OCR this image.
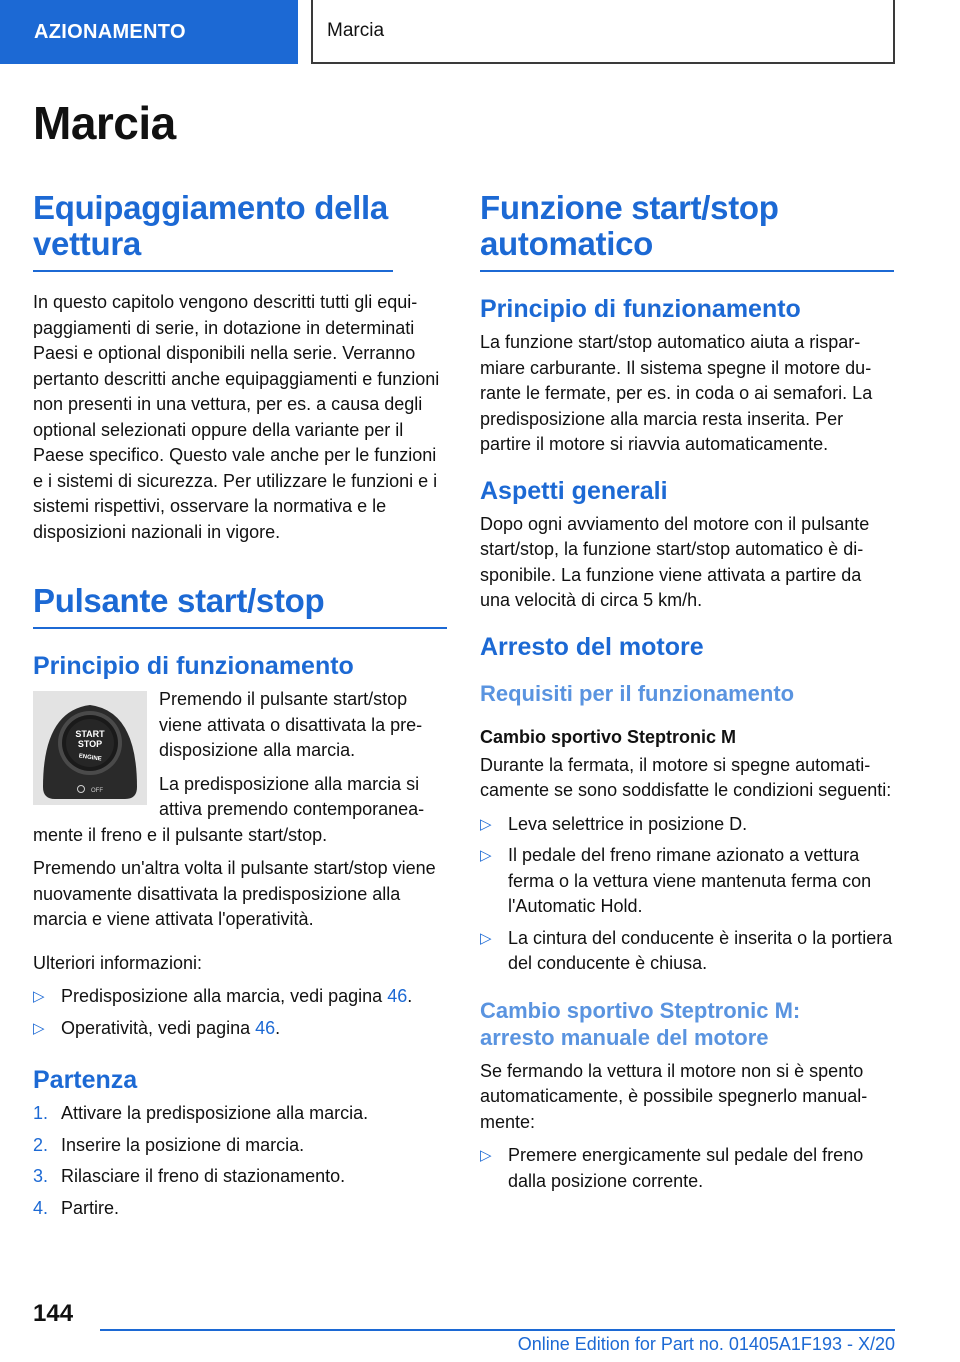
AZIONAMENTO	Marcia
Marcia
Equipaggiamento della vettura

In questo capitolo vengono descritti tutti gli equipaggiamenti di serie, in dotazione in determinati Paesi e optional disponibili nella serie. Verranno pertanto descritti anche equipaggiamenti e funzioni non presenti in una vettura, per es. a causa degli optional selezionati oppure della variante per il Paese specifico. Questo vale anche per le funzioni e i sistemi di sicurezza. Per utilizzare le funzioni e i sistemi rispettivi, osservare la normativa e le disposizioni nazionali in vigore.

Pulsante start/stop
Principio di funzionamento
START
STOP
ENGINE
OFF

Premendo il pulsante start/stop viene attivata o disattivata la predisposizione alla marcia.

La predisposizione alla marcia si attiva premendo contemporaneamente il freno e il pulsante start/stop.

Premendo un'altra volta il pulsante start/stop viene nuovamente disattivata la predisposizione alla marcia e viene attivata l'operatività.

Ulteriori informazioni:

▷ Predisposizione alla marcia, vedi pagina 46.
▷ Operatività, vedi pagina 46.
Partenza
1. Attivare la predisposizione alla marcia.
2. Inserire la posizione di marcia.
3. Rilasciare il freno di stazionamento.
4. Partire.
Funzione start/stop automatico
Principio di funzionamento

La funzione start/stop automatico aiuta a risparmiare carburante. Il sistema spegne il motore durante le fermate, per es. in coda o ai semafori. La predisposizione alla marcia resta inserita. Per partire il motore si riavvia automaticamente.

Aspetti generali

Dopo ogni avviamento del motore con il pulsante start/stop, la funzione start/stop automatico è disponibile. La funzione viene attivata a partire da una velocità di circa 5 km/h.

Arresto del motore
Requisiti per il funzionamento
Cambio sportivo Steptronic M

Durante la fermata, il motore si spegne automaticamente se sono soddisfatte le condizioni seguenti:

▷ Leva selettrice in posizione D.
▷ Il pedale del freno rimane azionato a vettura ferma o la vettura viene mantenuta ferma con l'Automatic Hold.
▷ La cintura del conducente è inserita o la portiera del conducente è chiusa.
Cambio sportivo Steptronic M: arresto manuale del motore

Se fermando la vettura il motore non si è spento automaticamente, è possibile spegnerlo manualmente:

▷ Premere energicamente sul pedale del freno dalla posizione corrente.
144
Online Edition for Part no. 01405A1F193 - X/20
